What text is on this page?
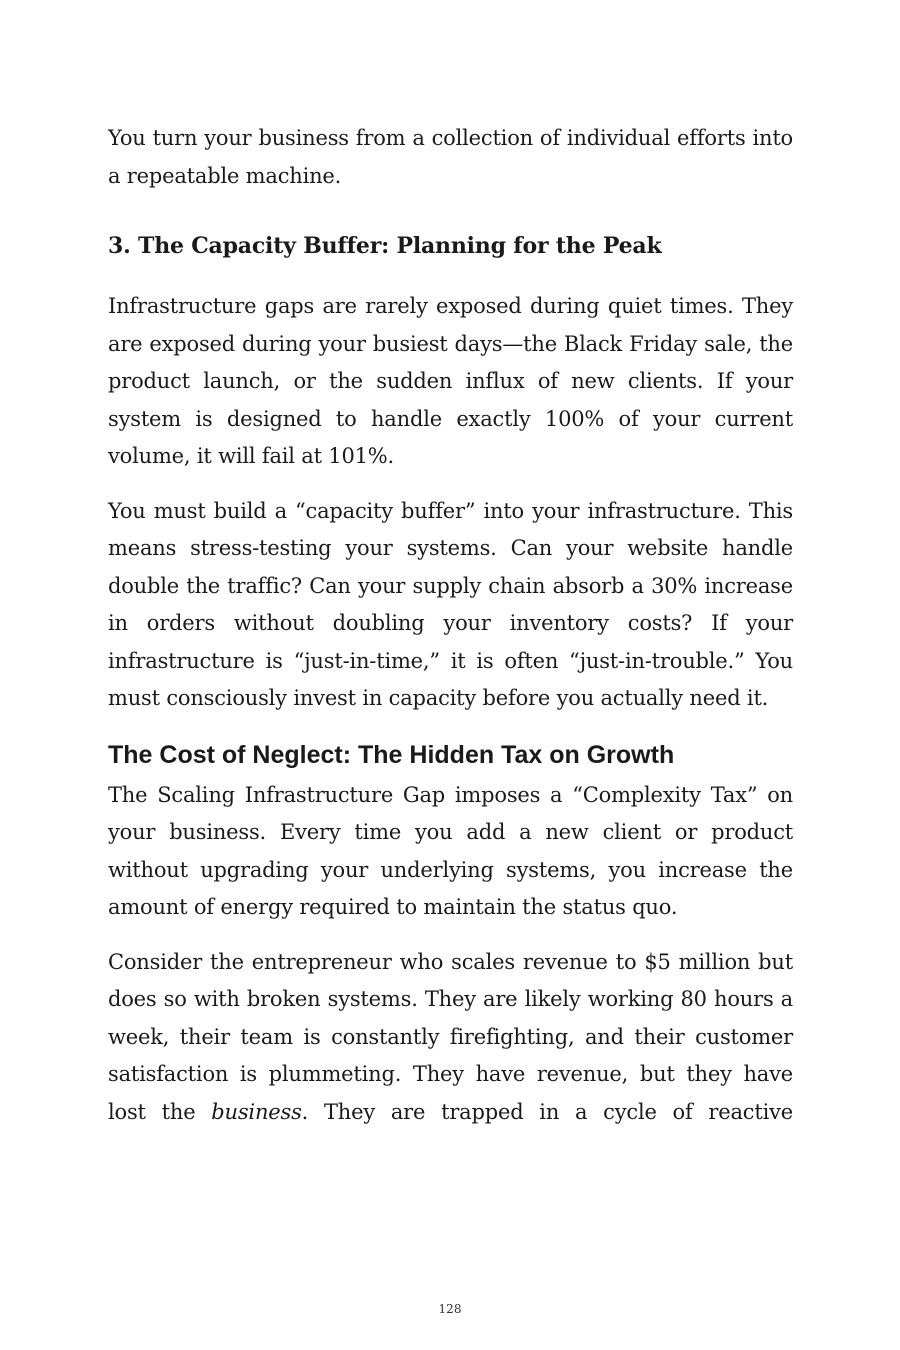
You turn your business from a collection of individual efforts into a repeatable machine.

3. The Capacity Buffer: Planning for the Peak

Infrastructure gaps are rarely exposed during quiet times. They are exposed during your busiest days—the Black Friday sale, the product launch, or the sudden influx of new clients. If your system is designed to handle exactly 100% of your current volume, it will fail at 101%.

You must build a “capacity buffer” into your infrastructure. This means stress-testing your systems. Can your website handle double the traffic? Can your supply chain absorb a 30% increase in orders without doubling your inventory costs? If your infrastructure is “just-in-time,” it is often “just-in-trouble.” You must consciously invest in capacity before you actually need it.

The Cost of Neglect: The Hidden Tax on Growth

The Scaling Infrastructure Gap imposes a “Complexity Tax” on your business. Every time you add a new client or product without upgrading your underlying systems, you increase the amount of energy required to maintain the status quo.

Consider the entrepreneur who scales revenue to $5 million but does so with broken systems. They are likely working 80 hours a week, their team is constantly firefighting, and their customer satisfaction is plummeting. They have revenue, but they have lost the business. They are trapped in a cycle of reactive

128
